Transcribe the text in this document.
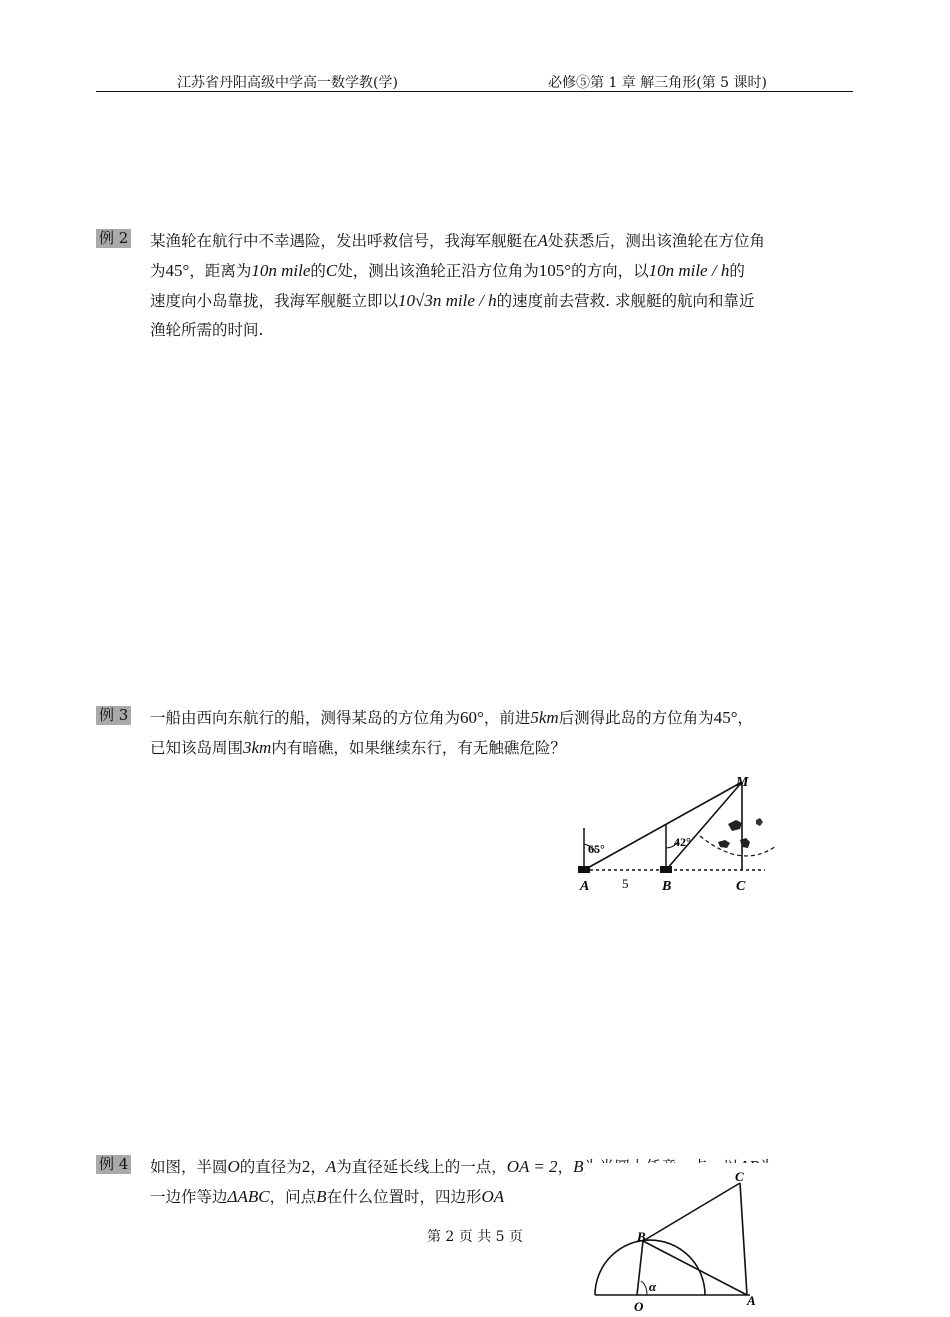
江苏省丹阳高级中学高一数学教(学)	必修⑤第 1 章 解三角形(第 5 课时)
例 2 某渔轮在航行中不幸遇险，发出呼救信号，我海军舰艇在A处获悉后，测出该渔轮在方位角
为45°，距离为10n mile的C处，测出该渔轮正沿方位角为105°的方向，以10n mile / h的
速度向小岛靠拢，我海军舰艇立即以10√3n mile / h的速度前去营救. 求舰艇的航向和靠近
渔轮所需的时间.
例 3 一船由西向东航行的船，测得某岛的方位角为60°，前进5km后测得此岛的方位角为45°，
已知该岛周围3km内有暗礁，如果继续东行，有无触礁危险？
M
A	B	C
5
65°	42°
例 4 如图，半圆O的直径为2，A为直径延长线上的一点，OA = 2，B为半圆上任意一点，以AB为
一边作等边ΔABC，问点B在什么位置时，四边形OA
C
B
O	A
α
第 2 页 共 5 页
